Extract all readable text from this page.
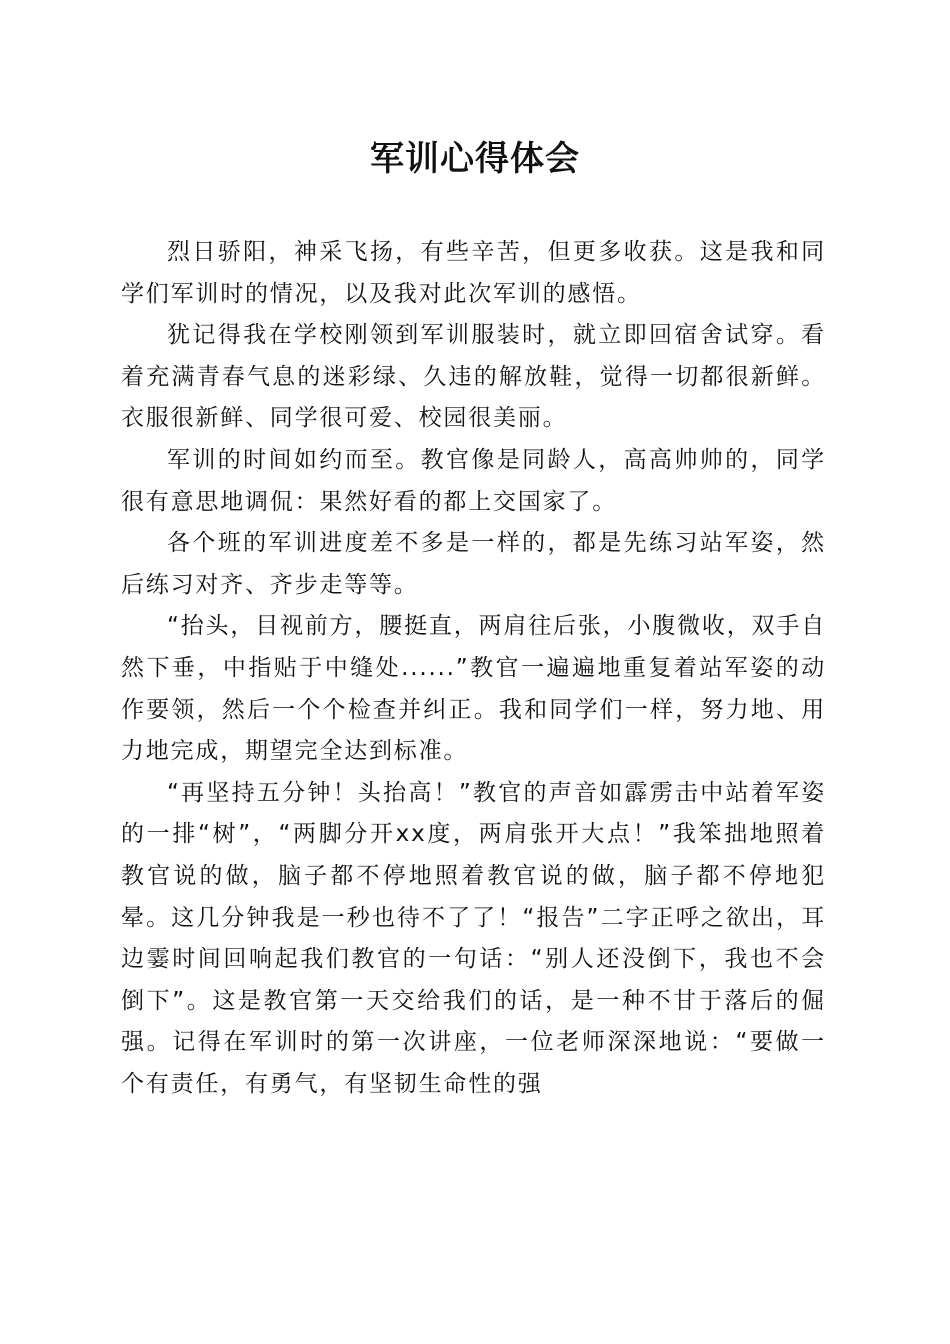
军训心得体会

烈日骄阳，神采飞扬，有些辛苦，但更多收获。这是我和同学们军训时的情况，以及我对此次军训的感悟。

犹记得我在学校刚领到军训服装时，就立即回宿舍试穿。看着充满青春气息的迷彩绿、久违的解放鞋，觉得一切都很新鲜。衣服很新鲜、同学很可爱、校园很美丽。

军训的时间如约而至。教官像是同龄人，高高帅帅的，同学很有意思地调侃：果然好看的都上交国家了。

各个班的军训进度差不多是一样的，都是先练习站军姿，然后练习对齐、齐步走等等。

“抬头，目视前方，腰挺直，两肩往后张，小腹微收，双手自然下垂，中指贴于中缝处......”教官一遍遍地重复着站军姿的动作要领，然后一个个检查并纠正。我和同学们一样，努力地、用力地完成，期望完全达到标准。

“再坚持五分钟！头抬高！”教官的声音如霹雳击中站着军姿的一排“树”，“两脚分开xx度，两肩张开大点！”我笨拙地照着教官说的做，脑子都不停地照着教官说的做，脑子都不停地犯晕。这几分钟我是一秒也待不了了！“报告”二字正呼之欲出，耳边霎时间回响起我们教官的一句话：“别人还没倒下，我也不会倒下”。这是教官第一天交给我们的话，是一种不甘于落后的倔强。记得在军训时的第一次讲座，一位老师深深地说：“要做一个有责任，有勇气，有坚韧生命性的强
